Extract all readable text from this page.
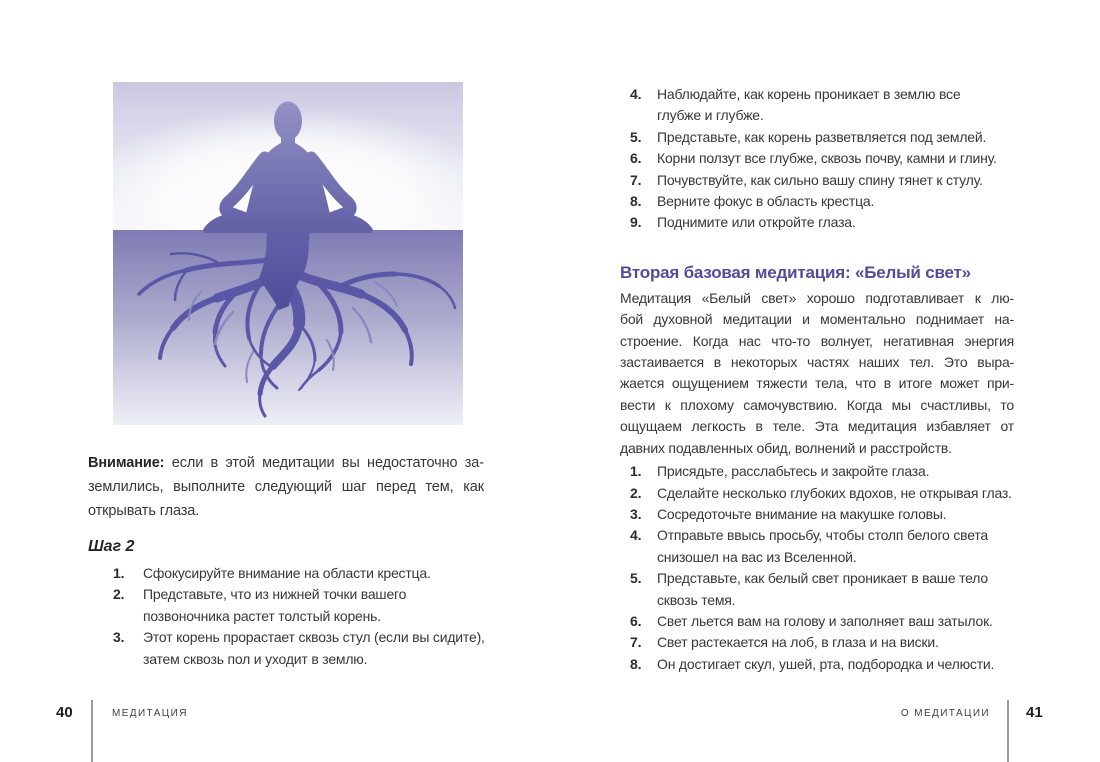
Внимание: если в этой медитации вы недостаточно за-
землились, выполните следующий шаг перед тем, как
открывать глаза.
Шаг 2
1.	Сфокусируйте внимание на области крестца.
2.	Представьте, что из нижней точки вашего
позвоночника растет толстый корень.
3.	Этот корень прорастает сквозь стул (если вы сидите),
затем сквозь пол и уходит в землю.
4.	Наблюдайте, как корень проникает в землю все
глубже и глубже.
5.	Представьте, как корень разветвляется под землей.
6.	Корни ползут все глубже, сквозь почву, камни и глину.
7.	Почувствуйте, как сильно вашу спину тянет к стулу.
8.	Верните фокус в область крестца.
9.	Поднимите или откройте глаза.
Вторая базовая медитация: «Белый свет»
Медитация «Белый свет» хорошо подготавливает к лю-
бой духовной медитации и моментально поднимает на-
строение. Когда нас что-то волнует, негативная энергия
застаивается в некоторых частях наших тел. Это выра-
жается ощущением тяжести тела, что в итоге может при-
вести к плохому самочувствию. Когда мы счастливы, то
ощущаем легкость в теле. Эта медитация избавляет от
давних подавленных обид, волнений и расстройств.
1.	Присядьте, расслабьтесь и закройте глаза.
2.	Сделайте несколько глубоких вдохов, не открывая глаз.
3.	Сосредоточьте внимание на макушке головы.
4.	Отправьте ввысь просьбу, чтобы столп белого света
снизошел на вас из Вселенной.
5.	Представьте, как белый свет проникает в ваше тело
сквозь темя.
6.	Свет льется вам на голову и заполняет ваш затылок.
7.	Свет растекается на лоб, в глаза и на виски.
8.	Он достигает скул, ушей, рта, подбородка и челюсти.
40	МЕДИТАЦИЯ	О МЕДИТАЦИИ 41
